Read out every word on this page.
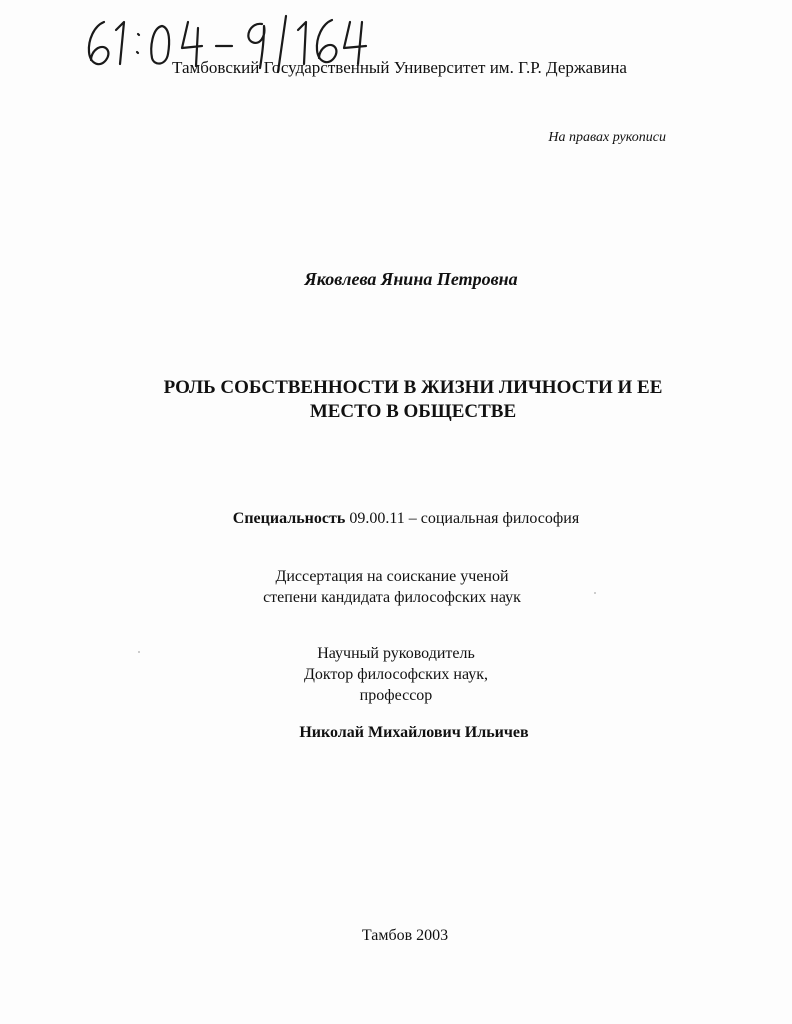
Тамбовский Государственный Университет им. Г.Р. Державина
На правах рукописи
Яковлева Янина Петровна
РОЛЬ СОБСТВЕННОСТИ В ЖИЗНИ ЛИЧНОСТИ И ЕЕ
МЕСТО В ОБЩЕСТВЕ
Специальность 09.00.11 – социальная философия
Диссертация на соискание ученой
степени кандидата философских наук
Научный руководитель
Доктор философских наук,
профессор
Николай Михайлович Ильичев
Тамбов 2003
